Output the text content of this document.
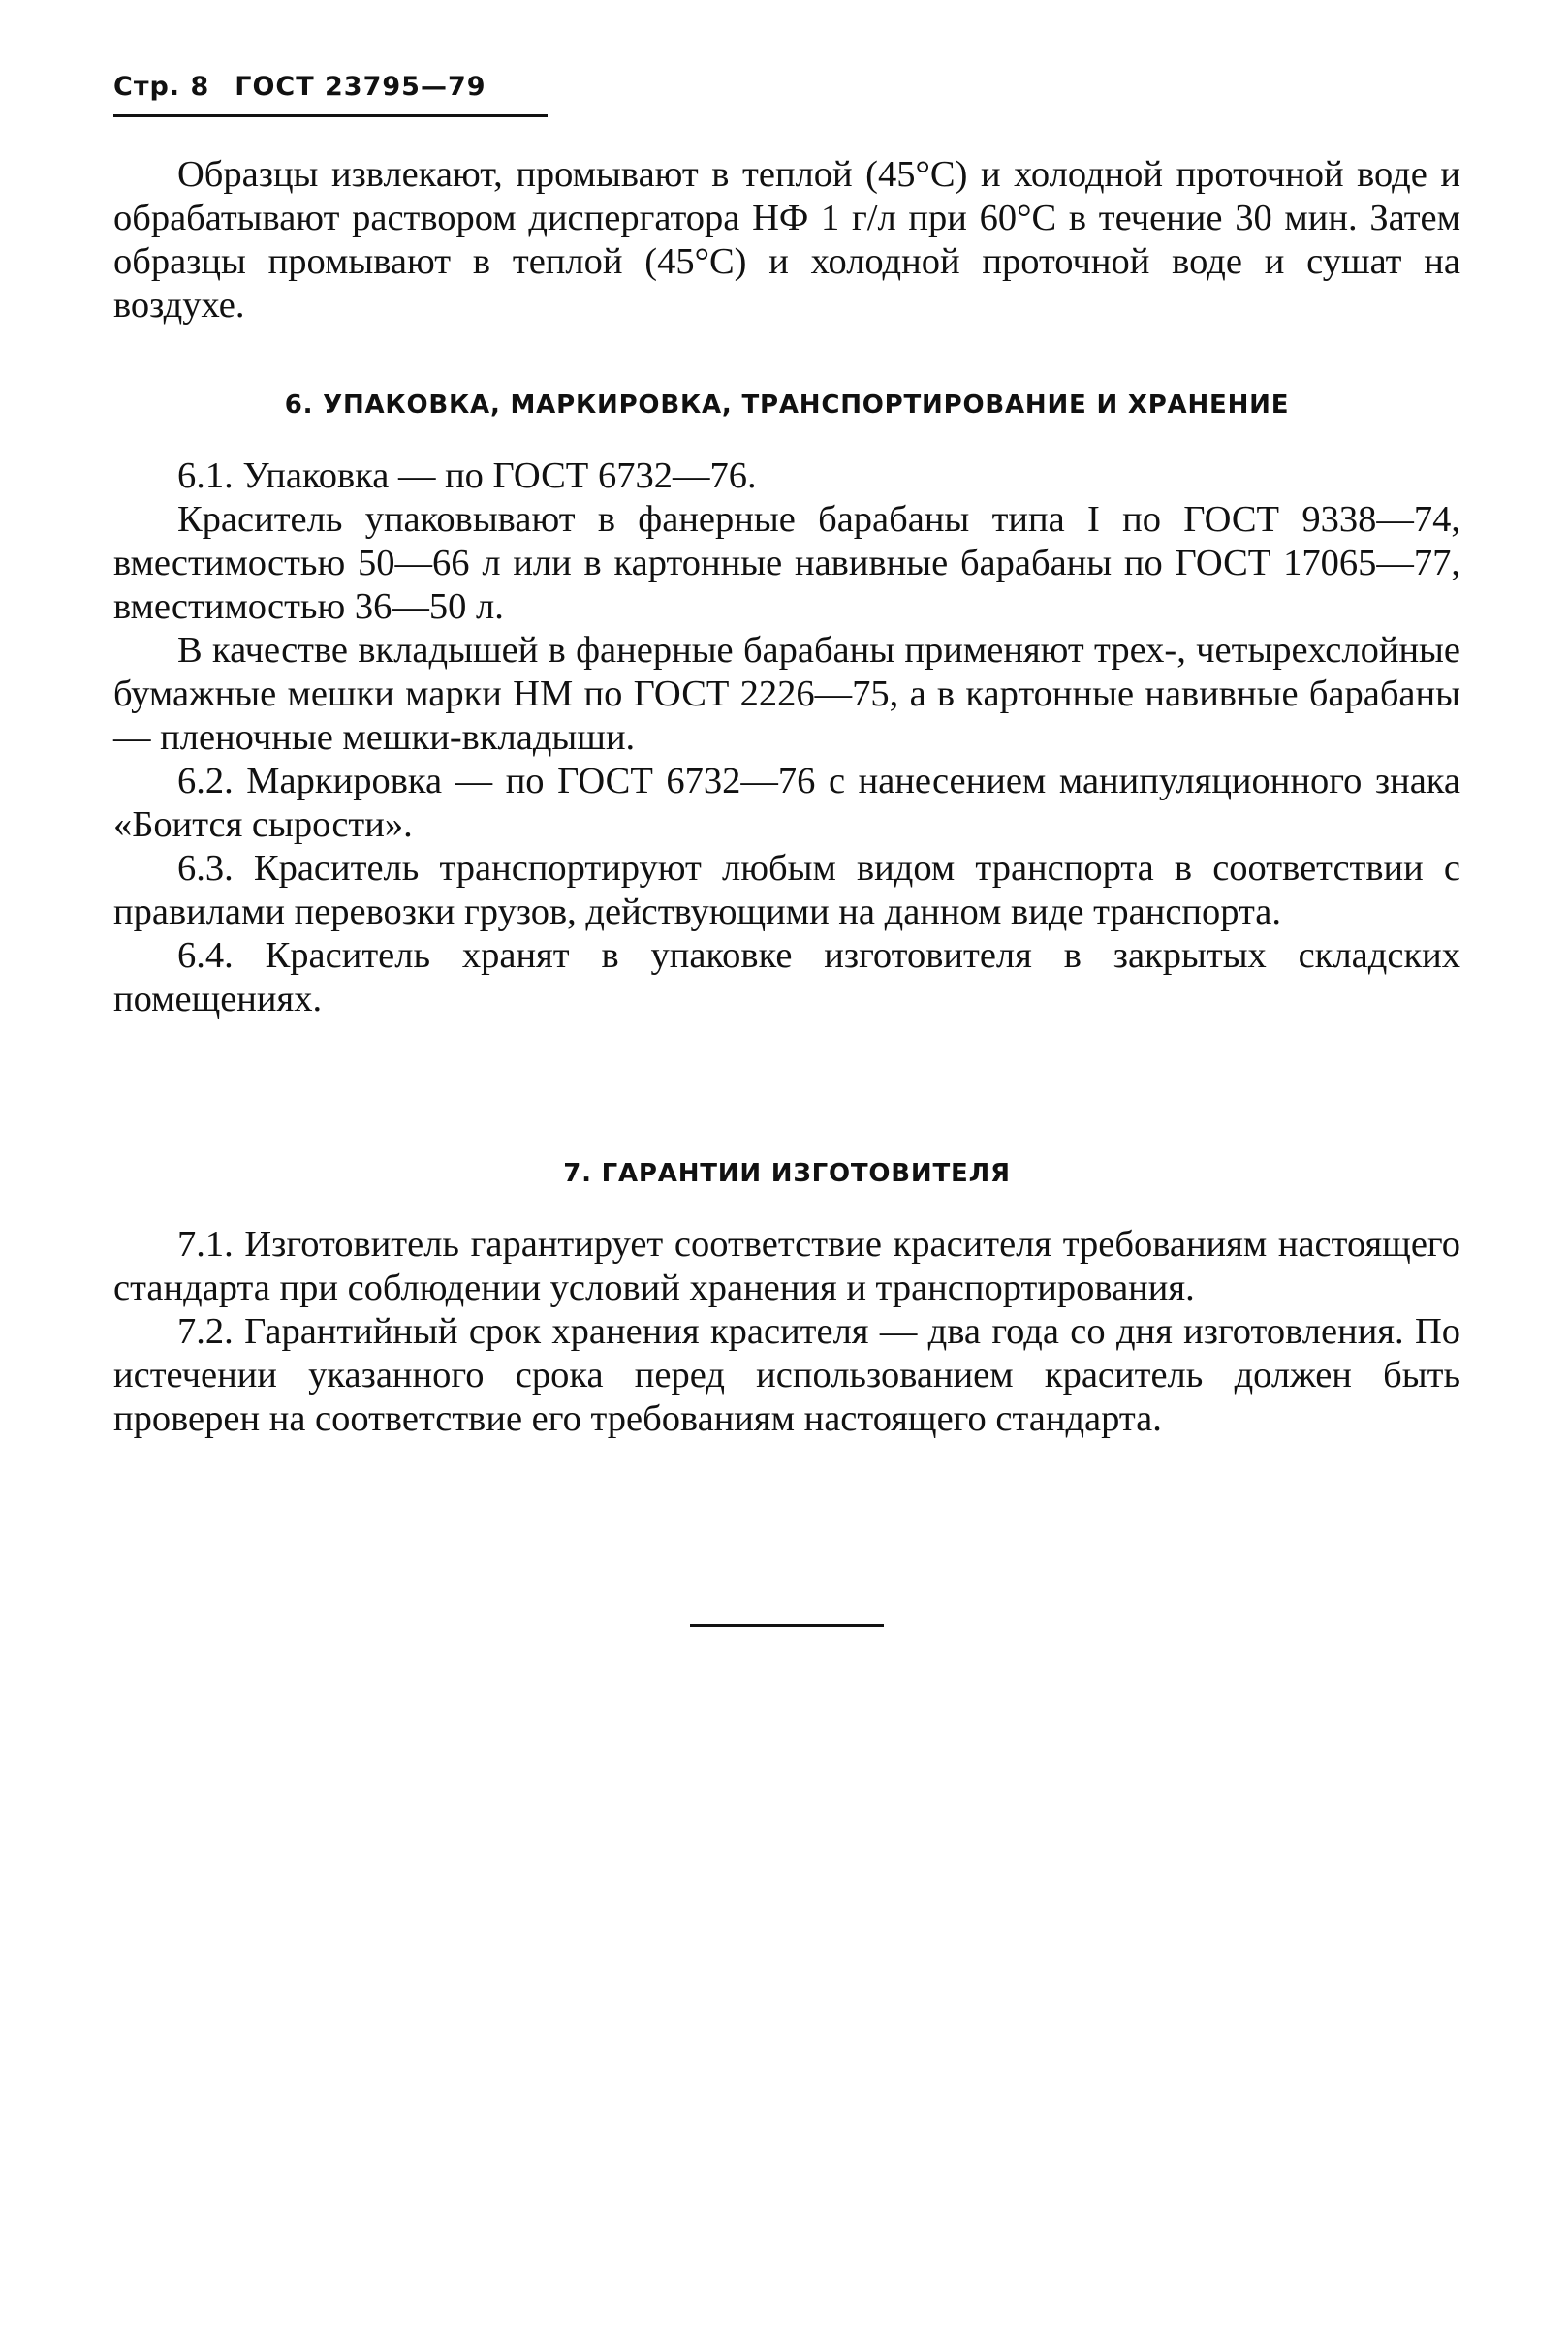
Стр. 8 ГОСТ 23795—79

Образцы извлекают, промывают в теплой (45°С) и холодной проточной воде и обрабатывают раствором диспергатора НФ 1 г/л при 60°С в течение 30 мин. Затем образцы промывают в теплой (45°С) и холодной проточной воде и сушат на воздухе.

6. УПАКОВКА, МАРКИРОВКА, ТРАНСПОРТИРОВАНИЕ И ХРАНЕНИЕ

6.1. Упаковка — по ГОСТ 6732—76.

Краситель упаковывают в фанерные барабаны типа I по ГОСТ 9338—74, вместимостью 50—66 л или в картонные навивные барабаны по ГОСТ 17065—77, вместимостью 36—50 л.

В качестве вкладышей в фанерные барабаны применяют трех-, четырехслойные бумажные мешки марки НМ по ГОСТ 2226—75, а в картонные навивные барабаны — пленочные мешки-вкладыши.

6.2. Маркировка — по ГОСТ 6732—76 с нанесением манипуляционного знака «Боится сырости».

6.3. Краситель транспортируют любым видом транспорта в соответствии с правилами перевозки грузов, действующими на данном виде транспорта.

6.4. Краситель хранят в упаковке изготовителя в закрытых складских помещениях.

7. ГАРАНТИИ ИЗГОТОВИТЕЛЯ

7.1. Изготовитель гарантирует соответствие красителя требованиям настоящего стандарта при соблюдении условий хранения и транспортирования.

7.2. Гарантийный срок хранения красителя — два года со дня изготовления. По истечении указанного срока перед использованием краситель должен быть проверен на соответствие его требованиям настоящего стандарта.
